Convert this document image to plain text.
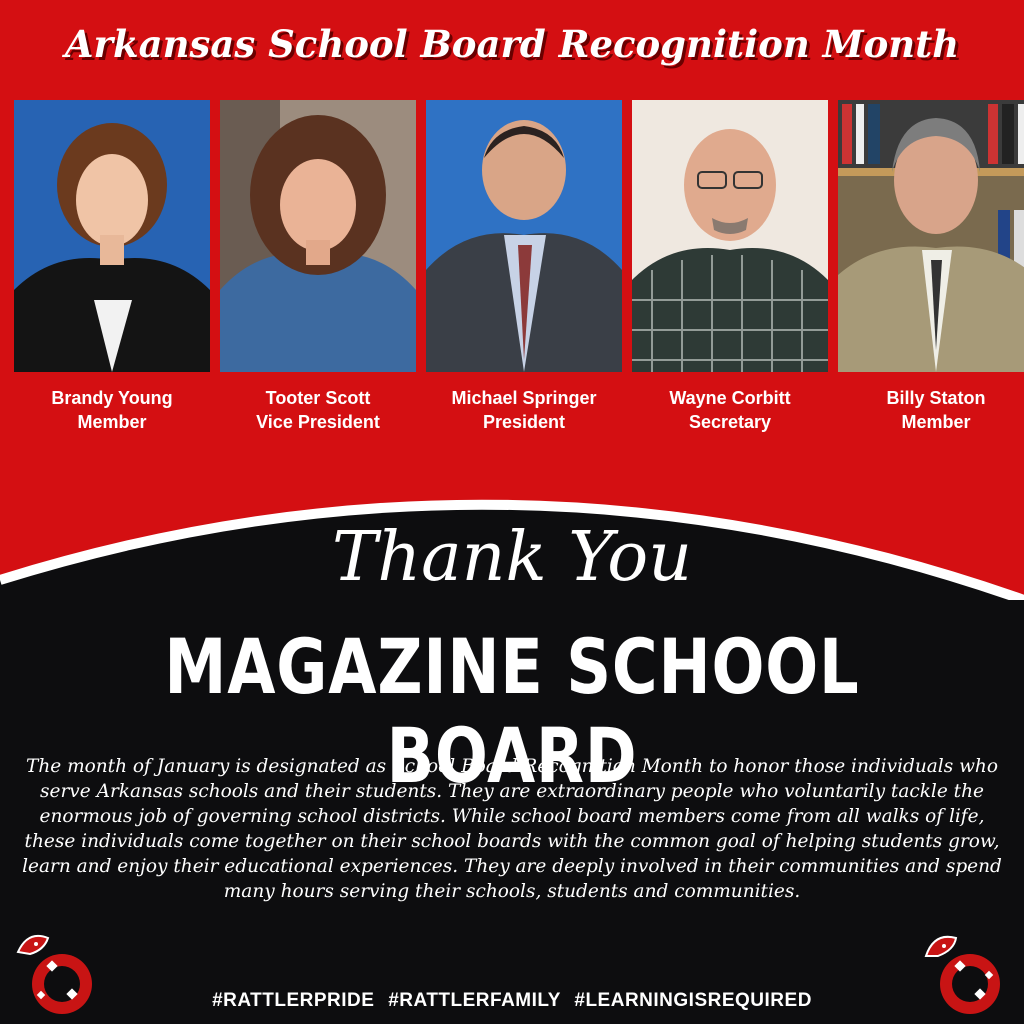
Arkansas School Board Recognition Month
Brandy Young
Member
Tooter Scott
Vice President
Michael Springer
President
Wayne Corbitt
Secretary
Billy Staton
Member
Thank You
MAGAZINE SCHOOL BOARD
The month of January is designated as School Board Recognition Month to honor those individuals who serve Arkansas schools and their students. They are extraordinary people who voluntarily tackle the enormous job of governing school districts. While school board members come from all walks of life, these individuals come together on their school boards with the common goal of helping students grow, learn and enjoy their educational experiences. They are deeply involved in their communities and spend many hours serving their schools, students and communities.
#RATTLERPRIDE #RATTLERFAMILY #LEARNINGISREQUIRED
